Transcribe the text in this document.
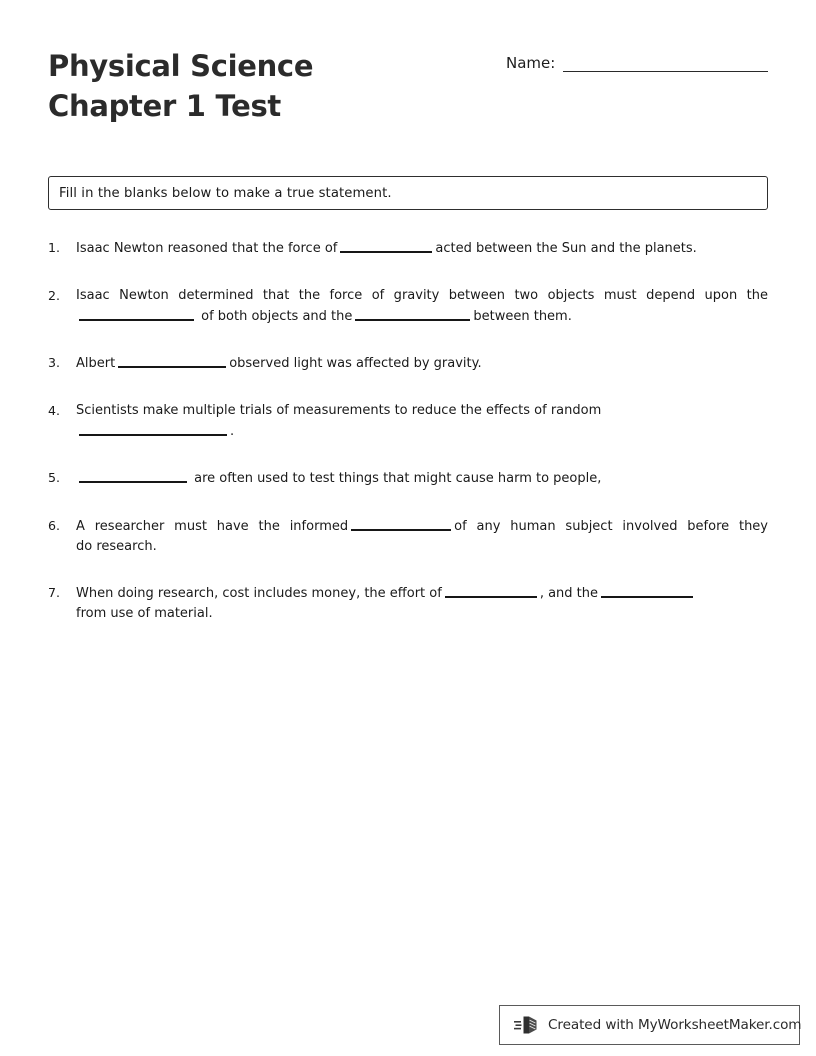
Physical Science
Chapter 1 Test
Name:
Fill in the blanks below to make a true statement.
1.	Isaac Newton reasoned that the force of	acted between the Sun and the planets.
2.	Isaac Newton determined that the force of gravity between two objects must depend upon the
of both objects and the	between them.
3.	Albert	observed light was affected by gravity.
4.	Scientists make multiple trials of measurements to reduce the effects of random
.
5.	are often used to test things that might cause harm to people,
6.	A researcher must have the informed	of any human subject involved before they
do research.
7.	When doing research, cost includes money, the effort of	, and the
from use of material.
Created with MyWorksheetMaker.com
